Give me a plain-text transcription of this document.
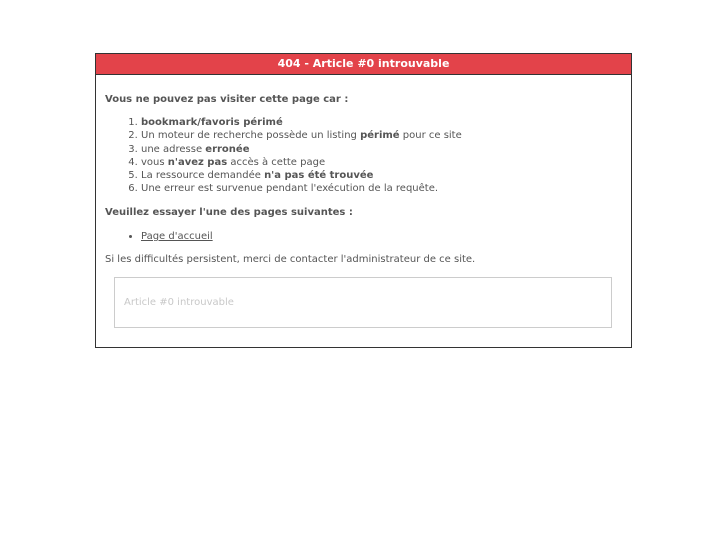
404 - Article #0 introuvable

Vous ne pouvez pas visiter cette page car :

1. bookmark/favoris périmé
2. Un moteur de recherche possède un listing périmé pour ce site
3. une adresse erronée
4. vous n'avez pas accès à cette page
5. La ressource demandée n'a pas été trouvée
6. Une erreur est survenue pendant l'exécution de la requête.

Veuillez essayer l'une des pages suivantes :

• Page d'accueil

Si les difficultés persistent, merci de contacter l'administrateur de ce site.

Article #0 introuvable
